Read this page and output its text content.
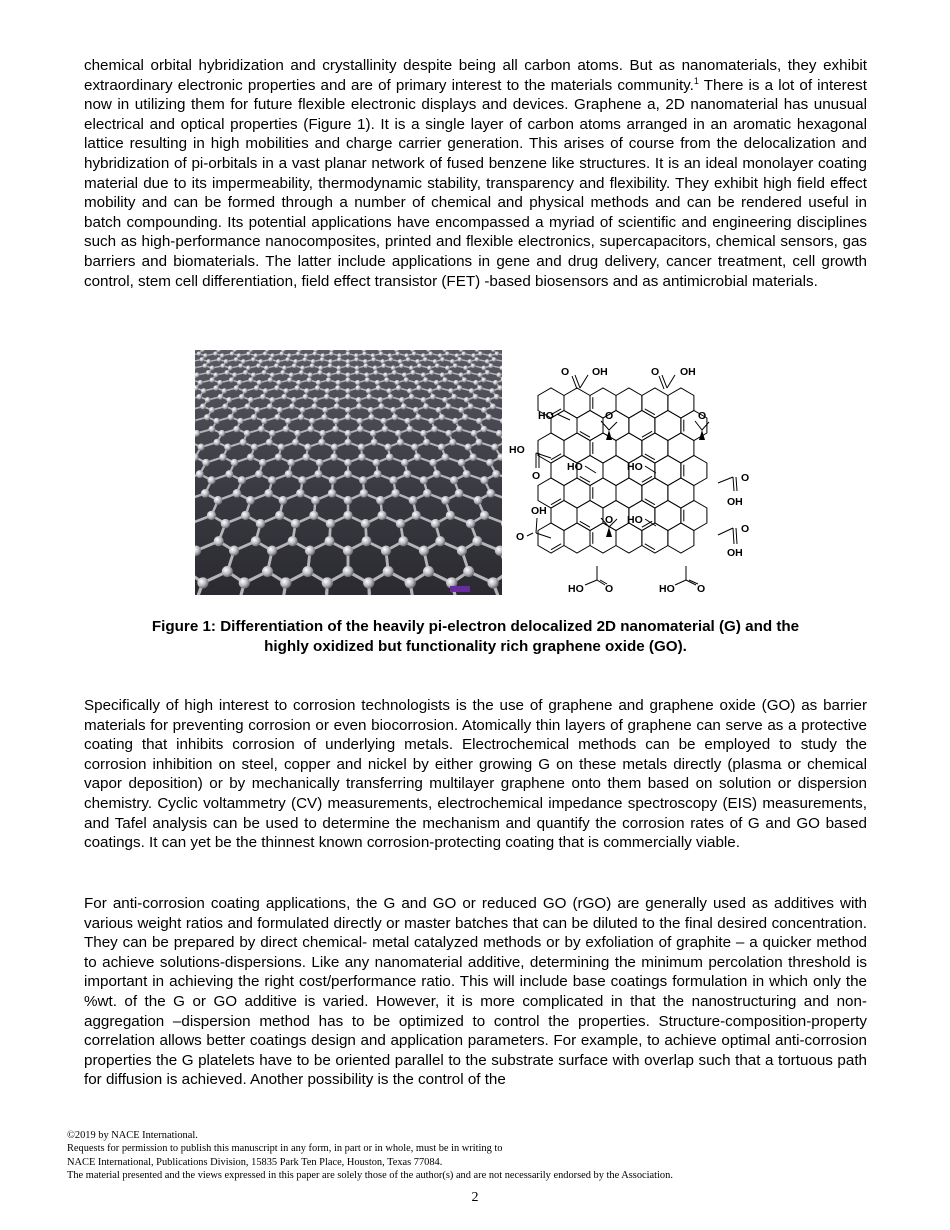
chemical orbital hybridization and crystallinity despite being all carbon atoms. But as nanomaterials, they exhibit extraordinary electronic properties and are of primary interest to the materials community.$^1$ There is a lot of interest now in utilizing them for future flexible electronic displays and devices. Graphene a, 2D nanomaterial has unusual electrical and optical properties (Figure 1). It is a single layer of carbon atoms arranged in an aromatic hexagonal lattice resulting in high mobilities and charge carrier generation. This arises of course from the delocalization and hybridization of pi-orbitals in a vast planar network of fused benzene like structures. It is an ideal monolayer coating material due to its impermeability, thermodynamic stability, transparency and flexibility. They exhibit high field effect mobility and can be formed through a number of chemical and physical methods and can be rendered useful in batch compounding. Its potential applications have encompassed a myriad of scientific and engineering disciplines such as high-performance nanocomposites, printed and flexible electronics, supercapacitors, chemical sensors, gas barriers and biomaterials. The latter include applications in gene and drug delivery, cancer treatment, cell growth control, stem cell differentiation, field effect transistor (FET) -based biosensors and as antimicrobial materials.

O OH	O OH
HO	O	O
HO
O
HO	HO
O
OH
OH
O
O HO
O
OH
HO O	HO O
Figure 1: Differentiation of the heavily pi-electron delocalized 2D nanomaterial (G) and the
highly oxidized but functionality rich graphene oxide (GO).

Specifically of high interest to corrosion technologists is the use of graphene and graphene oxide (GO) as barrier materials for preventing corrosion or even biocorrosion. Atomically thin layers of graphene can serve as a protective coating that inhibits corrosion of underlying metals. Electrochemical methods can be employed to study the corrosion inhibition on steel, copper and nickel by either growing G on these metals directly (plasma or chemical vapor deposition) or by mechanically transferring multilayer graphene onto them based on solution or dispersion chemistry. Cyclic voltammetry (CV) measurements, electrochemical impedance spectroscopy (EIS) measurements, and Tafel analysis can be used to determine the mechanism and quantify the corrosion rates of G and GO based coatings. It can yet be the thinnest known corrosion-protecting coating that is commercially viable.

For anti-corrosion coating applications, the G and GO or reduced GO (rGO) are generally used as additives with various weight ratios and formulated directly or master batches that can be diluted to the final desired concentration. They can be prepared by direct chemical- metal catalyzed methods or by exfoliation of graphite – a quicker method to achieve solutions-dispersions. Like any nanomaterial additive, determining the minimum percolation threshold is important in achieving the right cost/performance ratio. This will include base coatings formulation in which only the %wt. of the G or GO additive is varied. However, it is more complicated in that the nanostructuring and non-aggregation –dispersion method has to be optimized to control the properties. Structure-composition-property correlation allows better coatings design and application parameters. For example, to achieve optimal anti-corrosion properties the G platelets have to be oriented parallel to the substrate surface with overlap such that a tortuous path for diffusion is achieved. Another possibility is the control of the

©2019 by NACE International.
Requests for permission to publish this manuscript in any form, in part or in whole, must be in writing to
NACE International, Publications Division, 15835 Park Ten Place, Houston, Texas 77084.
The material presented and the views expressed in this paper are solely those of the author(s) and are not necessarily endorsed by the Association.
2
